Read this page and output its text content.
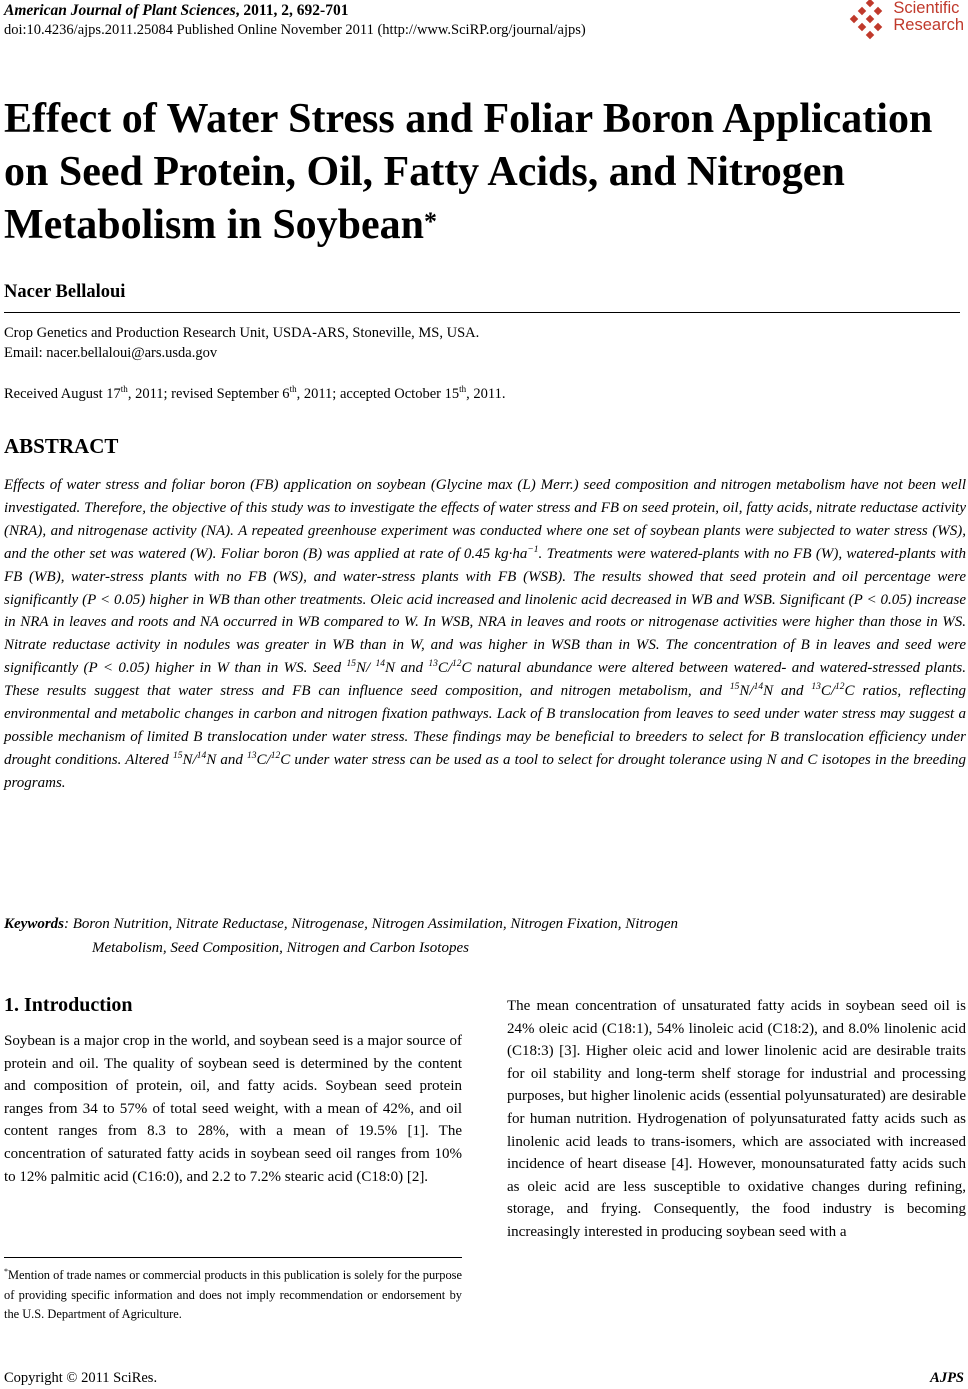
American Journal of Plant Sciences, 2011, 2, 692-701
doi:10.4236/ajps.2011.25084 Published Online November 2011 (http://www.SciRP.org/journal/ajps)
Scientific
Research
Effect of Water Stress and Foliar Boron Application on Seed Protein, Oil, Fatty Acids, and Nitrogen Metabolism in Soybean*
Nacer Bellaloui
Crop Genetics and Production Research Unit, USDA-ARS, Stoneville, MS, USA.
Email: nacer.bellaloui@ars.usda.gov
Received August 17th, 2011; revised September 6th, 2011; accepted October 15th, 2011.
ABSTRACT
Effects of water stress and foliar boron (FB) application on soybean (Glycine max (L) Merr.) seed composition and nitrogen metabolism have not been well investigated. Therefore, the objective of this study was to investigate the effects of water stress and FB on seed protein, oil, fatty acids, nitrate reductase activity (NRA), and nitrogenase activity (NA). A repeated greenhouse experiment was conducted where one set of soybean plants were subjected to water stress (WS), and the other set was watered (W). Foliar boron (B) was applied at rate of 0.45 $kg\cdot ha^{-1}$. Treatments were watered-plants with no FB (W), watered-plants with FB (WB), water-stress plants with no FB (WS), and water-stress plants with FB (WSB). The results showed that seed protein and oil percentage were significantly (P < 0.05) higher in WB than other treatments. Oleic acid increased and linolenic acid decreased in WB and WSB. Significant (P < 0.05) increase in NRA in leaves and roots and NA occurred in WB compared to W. In WSB, NRA in leaves and roots or nitrogenase activities were higher than those in WS. Nitrate reductase activity in nodules was greater in WB than in W, and was higher in WSB than in WS. The concentration of B in leaves and seed were significantly (P < 0.05) higher in W than in WS. Seed $^{15}$N/ $^{14}$N and $^{13}$C/$^{12}$C natural abundance were altered between watered- and watered-stressed plants. These results suggest that water stress and FB can influence seed composition, and nitrogen metabolism, and $^{15}$N/$^{14}$N and $^{13}$C/$^{12}$C ratios, reflecting environmental and metabolic changes in carbon and nitrogen fixation pathways. Lack of B translocation from leaves to seed under water stress may suggest a possible mechanism of limited B translocation under water stress. These findings may be beneficial to breeders to select for B translocation efficiency under drought conditions. Altered $^{15}$N/$^{14}$N and $^{13}$C/$^{12}$C under water stress can be used as a tool to select for drought tolerance using N and C isotopes in the breeding programs.
Keywords: Boron Nutrition, Nitrate Reductase, Nitrogenase, Nitrogen Assimilation, Nitrogen Fixation, Nitrogen
Metabolism, Seed Composition, Nitrogen and Carbon Isotopes
1. Introduction
Soybean is a major crop in the world, and soybean seed is a major source of protein and oil. The quality of soybean seed is determined by the content and composition of protein, oil, and fatty acids. Soybean seed protein ranges from 34 to 57% of total seed weight, with a mean of 42%, and oil content ranges from 8.3 to 28%, with a mean of 19.5% [1]. The concentration of saturated fatty acids in soybean seed oil ranges from 10% to 12% palmitic acid (C16:0), and 2.2 to 7.2% stearic acid (C18:0) [2].
The mean concentration of unsaturated fatty acids in soybean seed oil is 24% oleic acid (C18:1), 54% linoleic acid (C18:2), and 8.0% linolenic acid (C18:3) [3]. Higher oleic acid and lower linolenic acid are desirable traits for oil stability and long-term shelf storage for industrial and processing purposes, but higher linolenic acids (essential polyunsaturated) are desirable for human nutrition. Hydrogenation of polyunsaturated fatty acids such as linolenic acid leads to trans-isomers, which are associated with increased incidence of heart disease [4]. However, monounsaturated fatty acids such as oleic acid are less susceptible to oxidative changes during refining, storage, and frying. Consequently, the food industry is becoming increasingly interested in producing soybean seed with a
*Mention of trade names or commercial products in this publication is solely for the purpose of providing specific information and does not imply recommendation or endorsement by the U.S. Department of Agriculture.
Copyright © 2011 SciRes.	AJPS
